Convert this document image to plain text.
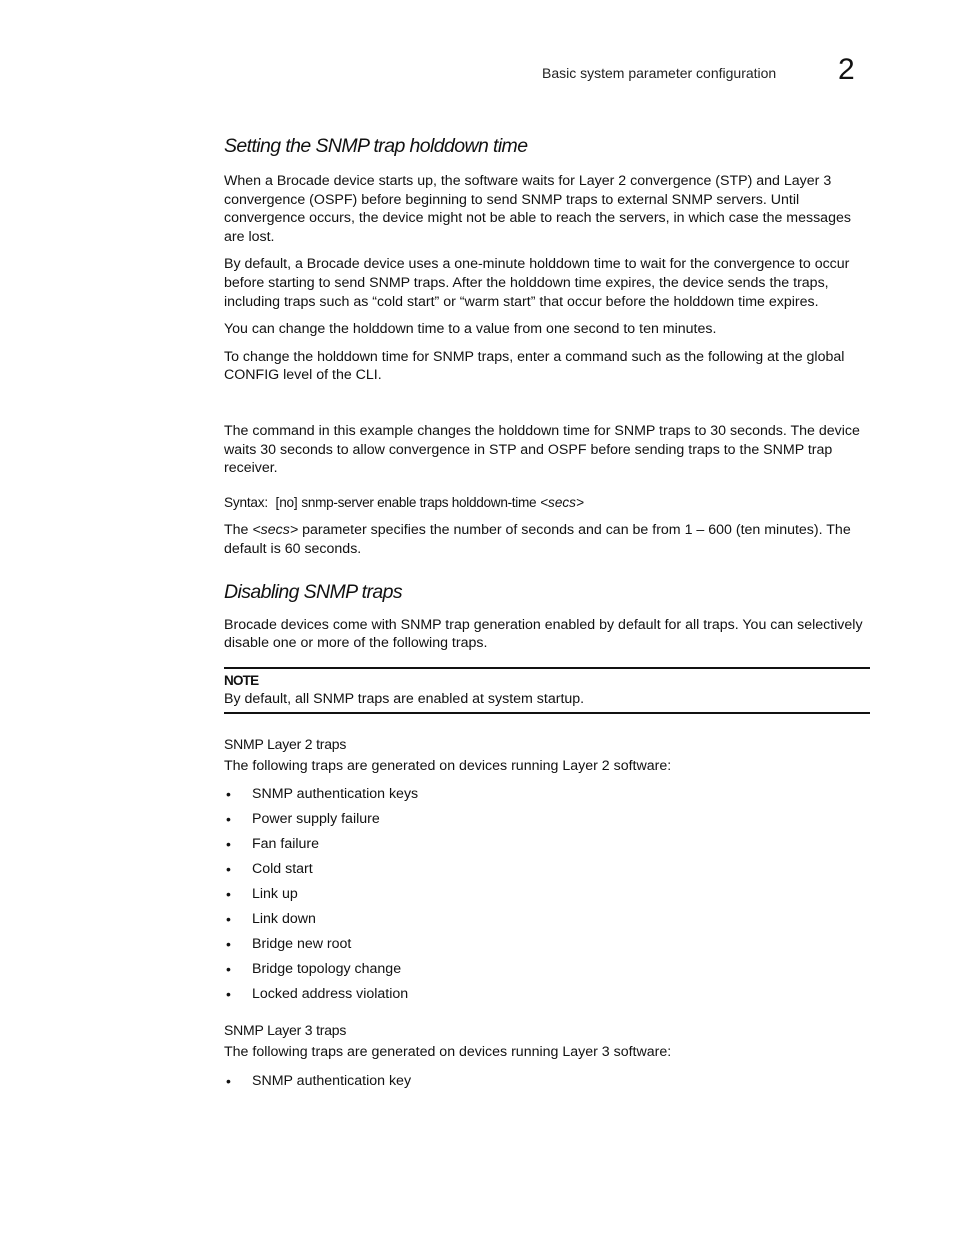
Basic system parameter configuration 2
Setting the SNMP trap holddown time

When a Brocade device starts up, the software waits for Layer 2 convergence (STP) and Layer 3 convergence (OSPF) before beginning to send SNMP traps to external SNMP servers. Until convergence occurs, the device might not be able to reach the servers, in which case the messages are lost.

By default, a Brocade device uses a one-minute holddown time to wait for the convergence to occur before starting to send SNMP traps. After the holddown time expires, the device sends the traps, including traps such as “cold start” or “warm start” that occur before the holddown time expires.

You can change the holddown time to a value from one second to ten minutes.

To change the holddown time for SNMP traps, enter a command such as the following at the global CONFIG level of the CLI.

The command in this example changes the holddown time for SNMP traps to 30 seconds. The device waits 30 seconds to allow convergence in STP and OSPF before sending traps to the SNMP trap receiver.

Syntax: [no] snmp-server enable traps holddown-time <secs>

The <secs> parameter specifies the number of seconds and can be from 1 – 600 (ten minutes). The default is 60 seconds.

Disabling SNMP traps

Brocade devices come with SNMP trap generation enabled by default for all traps. You can selectively disable one or more of the following traps.

NOTE
By default, all SNMP traps are enabled at system startup.
SNMP Layer 2 traps

The following traps are generated on devices running Layer 2 software:

• SNMP authentication keys
• Power supply failure
• Fan failure
• Cold start
• Link up
• Link down
• Bridge new root
• Bridge topology change
• Locked address violation
SNMP Layer 3 traps

The following traps are generated on devices running Layer 3 software:

• SNMP authentication key
